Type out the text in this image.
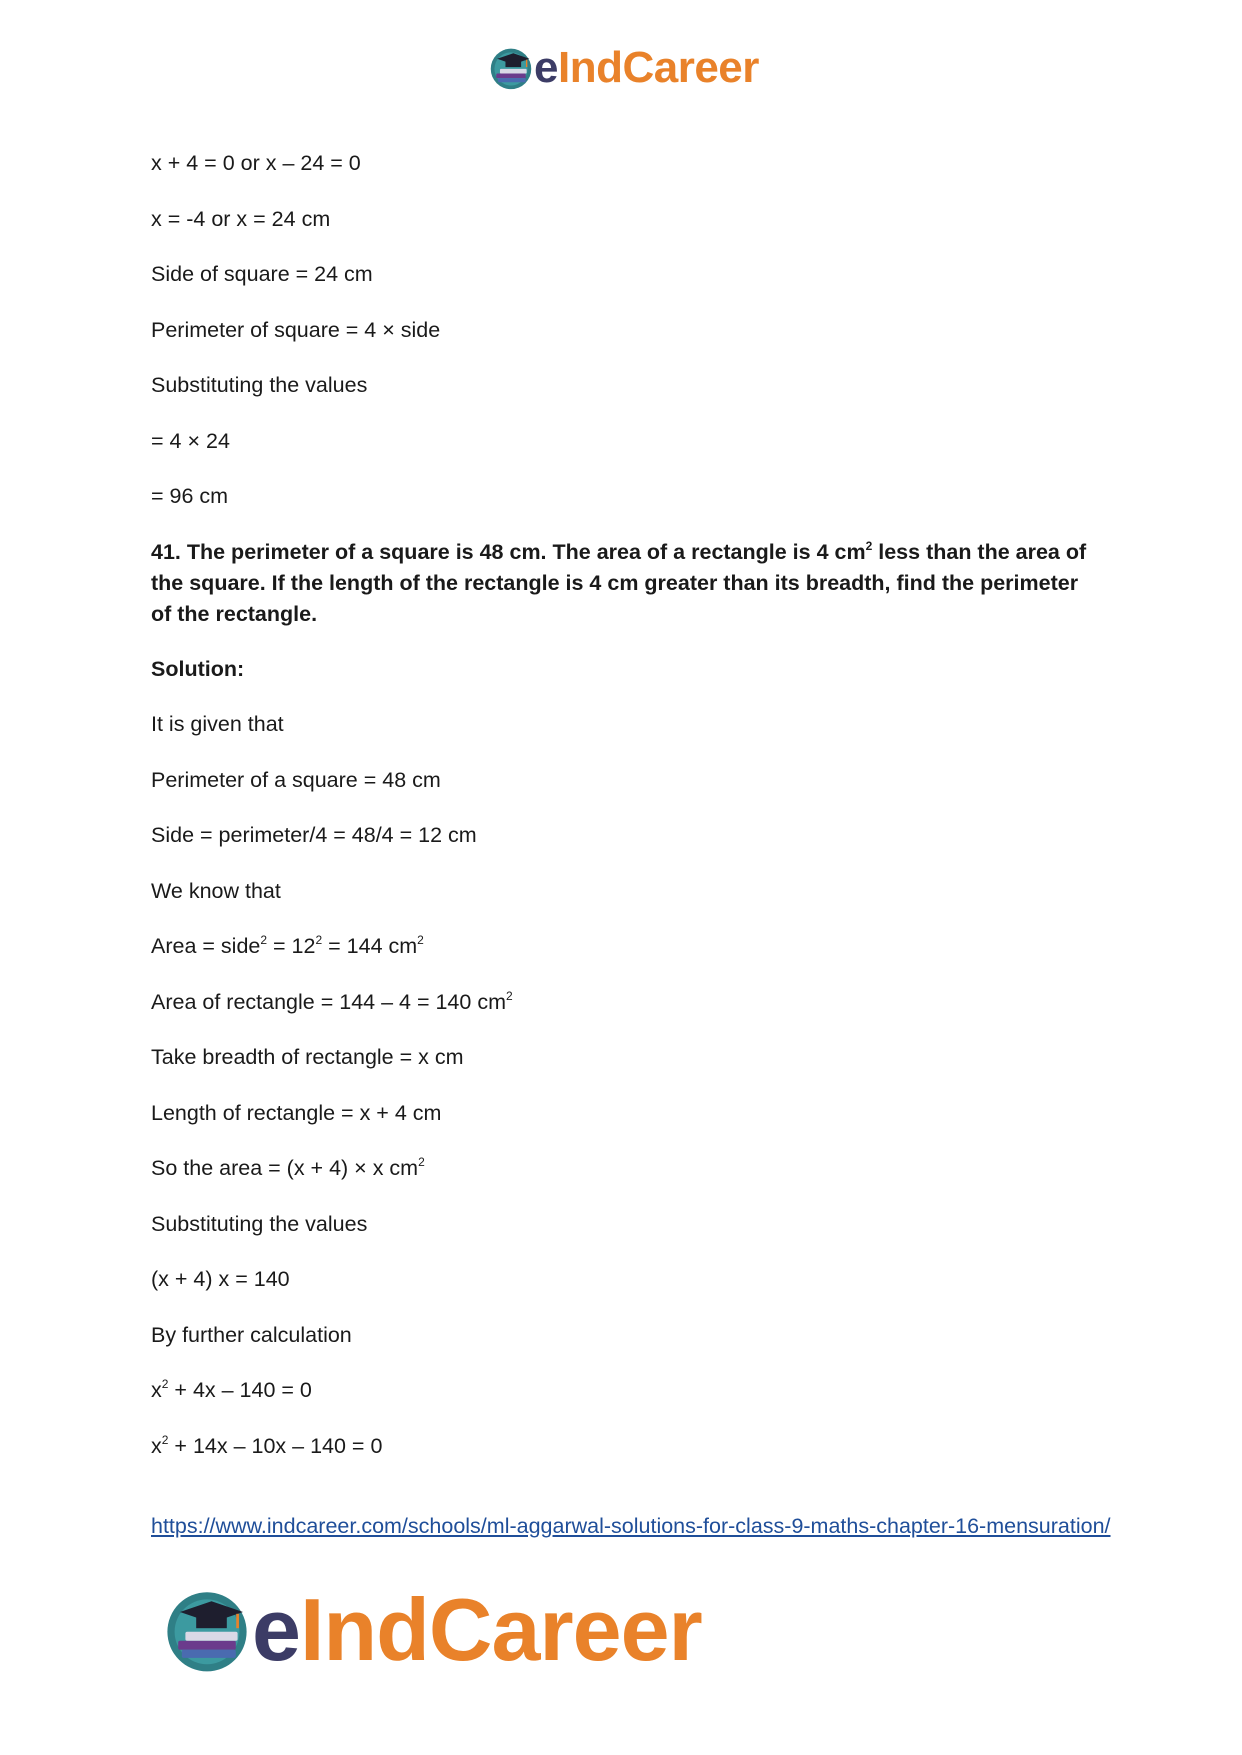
e IndCareer

x + 4 = 0 or x – 24 = 0

x = -4 or x = 24 cm

Side of square = 24 cm

Perimeter of square = 4 × side

Substituting the values

= 4 × 24

= 96 cm

41. The perimeter of a square is 48 cm. The area of a rectangle is 4 $cm^2$ less than the area of the square. If the length of the rectangle is 4 cm greater than its breadth, find the perimeter of the rectangle.

Solution:

It is given that

Perimeter of a square = 48 cm

Side = perimeter/4 = 48/4 = 12 cm

We know that

Area = side$^2$ = $12^2 = 144$ $cm^2$

Area of rectangle = 144 – 4 = 140 $cm^2$

Take breadth of rectangle = x cm

Length of rectangle = x + 4 cm

So the area = (x + 4) × x $cm^2$

Substituting the values

(x + 4) x = 140

By further calculation

$x^2 + 4x - 140 = 0$

$x^2 + 14x - 10x - 140 = 0$

https://www.indcareer.com/schools/ml-aggarwal-solutions-for-class-9-maths-chapter-16-mensuration/
e IndCareer
